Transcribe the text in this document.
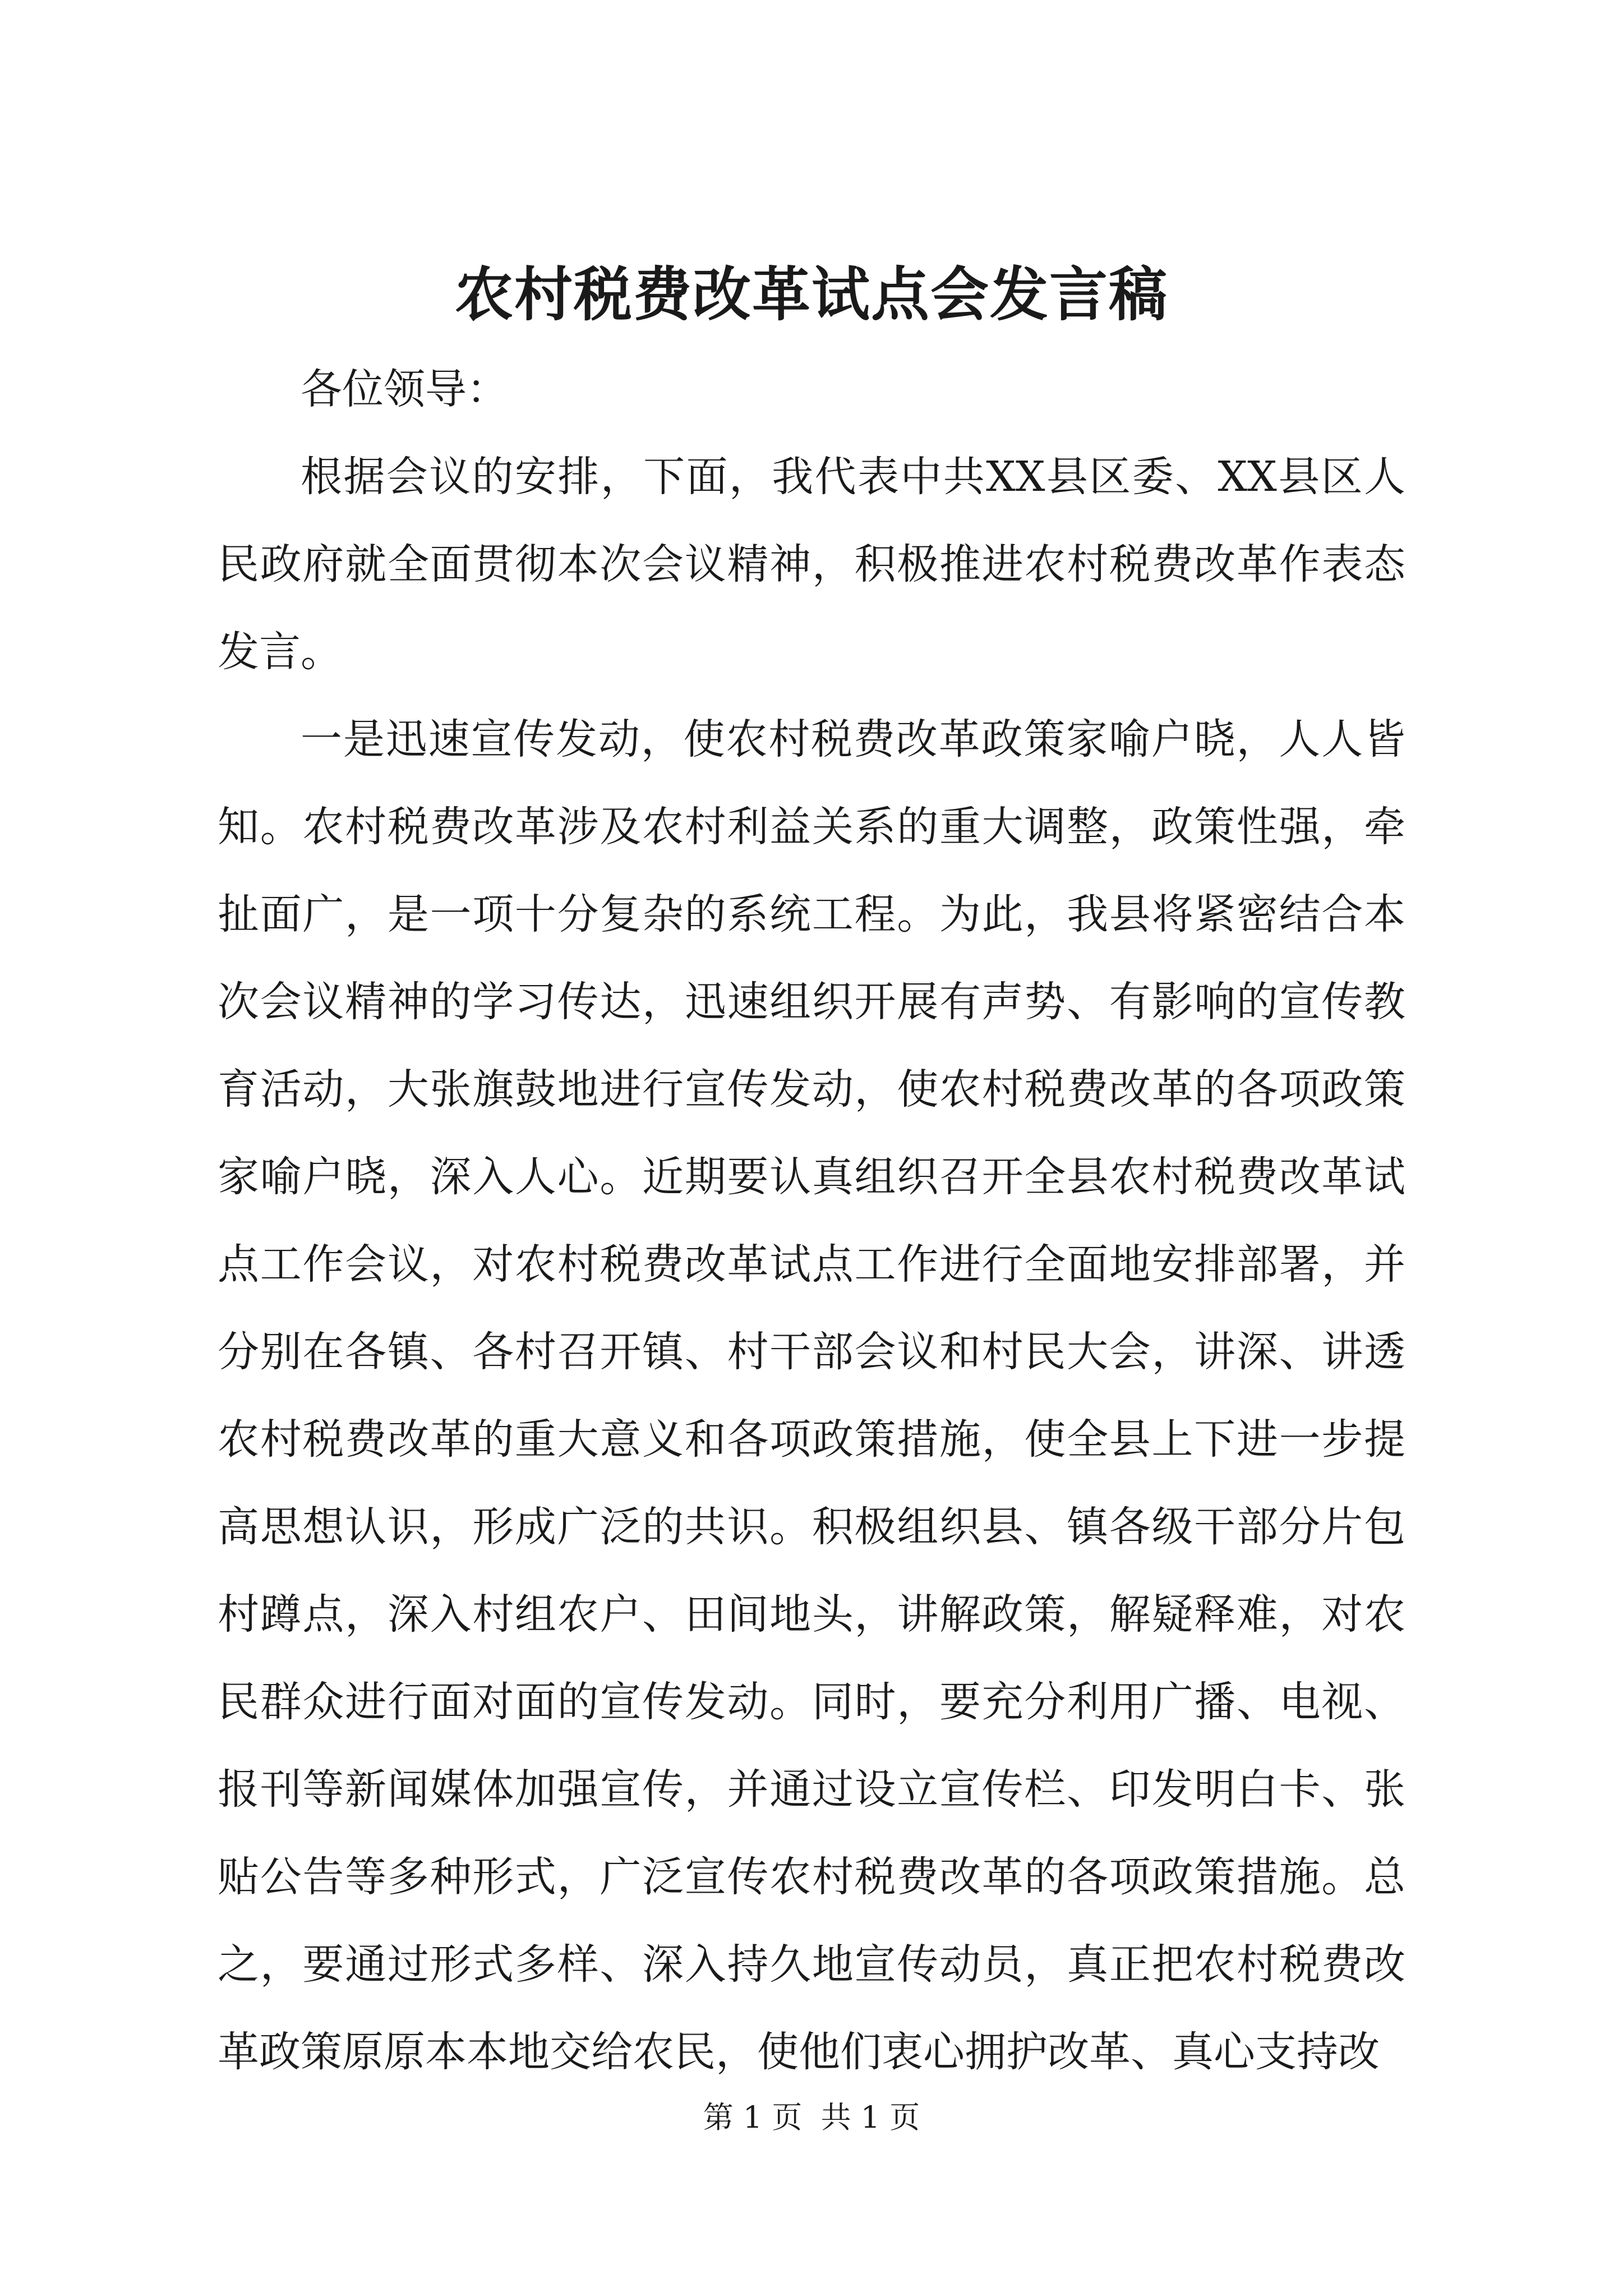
农村税费改革试点会发言稿

各位领导：

根据会议的安排，下面，我代表中共XX县区委、XX县区人民政府就全面贯彻本次会议精神，积极推进农村税费改革作表态发言。

一是迅速宣传发动，使农村税费改革政策家喻户晓，人人皆知。农村税费改革涉及农村利益关系的重大调整，政策性强，牵扯面广，是一项十分复杂的系统工程。为此，我县将紧密结合本次会议精神的学习传达，迅速组织开展有声势、有影响的宣传教育活动，大张旗鼓地进行宣传发动，使农村税费改革的各项政策家喻户晓，深入人心。近期要认真组织召开全县农村税费改革试点工作会议，对农村税费改革试点工作进行全面地安排部署，并分别在各镇、各村召开镇、村干部会议和村民大会，讲深、讲透农村税费改革的重大意义和各项政策措施，使全县上下进一步提高思想认识，形成广泛的共识。积极组织县、镇各级干部分片包村蹲点，深入村组农户、田间地头，讲解政策，解疑释难，对农民群众进行面对面的宣传发动。同时，要充分利用广播、电视、报刊等新闻媒体加强宣传，并通过设立宣传栏、印发明白卡、张贴公告等多种形式，广泛宣传农村税费改革的各项政策措施。总之，要通过形式多样、深入持久地宣传动员，真正把农村税费改革政策原原本本地交给农民，使他们衷心拥护改革、真心支持改

第 1 页 共 1 页
